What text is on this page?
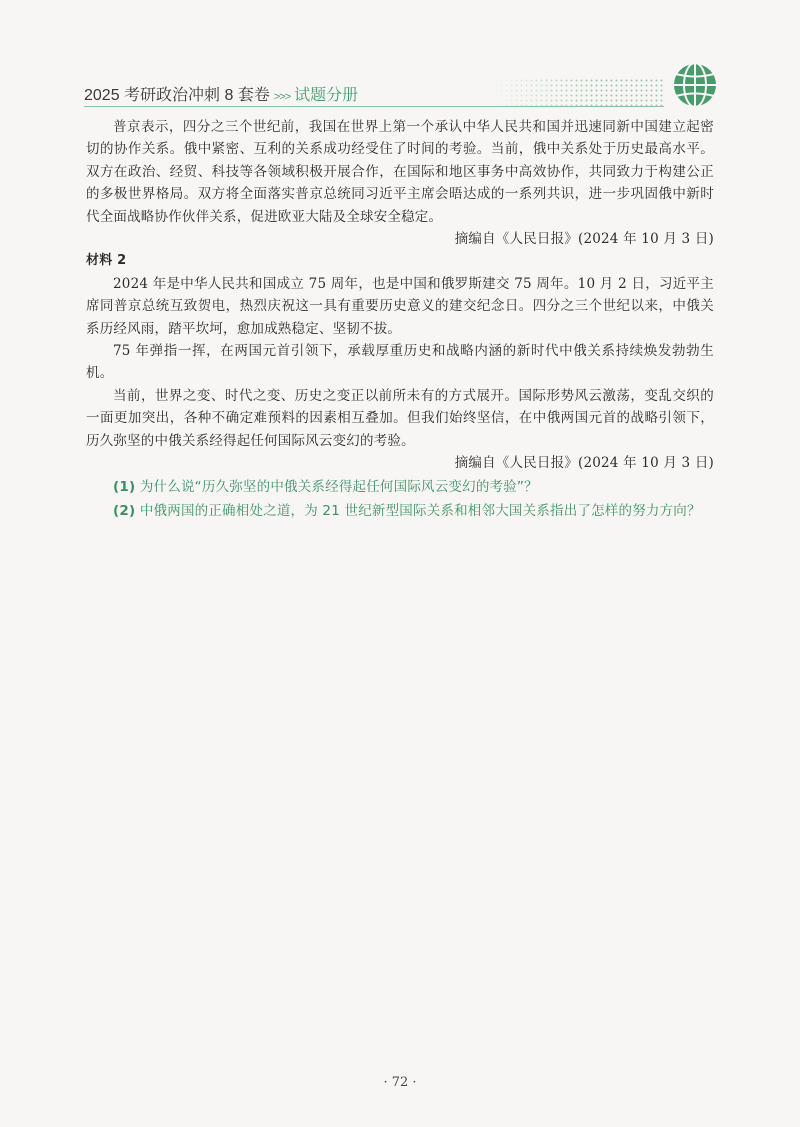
2025 考研政治冲刺 8 套卷 >>> 试题分册

普京表示，四分之三个世纪前，我国在世界上第一个承认中华人民共和国并迅速同新中国建立起密切的协作关系。俄中紧密、互利的关系成功经受住了时间的考验。当前，俄中关系处于历史最高水平。双方在政治、经贸、科技等各领域积极开展合作，在国际和地区事务中高效协作，共同致力于构建公正的多极世界格局。双方将全面落实普京总统同习近平主席会晤达成的一系列共识，进一步巩固俄中新时代全面战略协作伙伴关系，促进欧亚大陆及全球安全稳定。

摘编自《人民日报》(2024 年 10 月 3 日)

材料 2

2024 年是中华人民共和国成立 75 周年，也是中国和俄罗斯建交 75 周年。10 月 2 日，习近平主席同普京总统互致贺电，热烈庆祝这一具有重要历史意义的建交纪念日。四分之三个世纪以来，中俄关系历经风雨，踏平坎坷，愈加成熟稳定、坚韧不拔。

75 年弹指一挥，在两国元首引领下，承载厚重历史和战略内涵的新时代中俄关系持续焕发勃勃生机。

当前，世界之变、时代之变、历史之变正以前所未有的方式展开。国际形势风云激荡，变乱交织的一面更加突出，各种不确定难预料的因素相互叠加。但我们始终坚信，在中俄两国元首的战略引领下，历久弥坚的中俄关系经得起任何国际风云变幻的考验。

摘编自《人民日报》(2024 年 10 月 3 日)

(1) 为什么说“历久弥坚的中俄关系经得起任何国际风云变幻的考验”？

(2) 中俄两国的正确相处之道，为 21 世纪新型国际关系和相邻大国关系指出了怎样的努力方向？

· 72 ·
